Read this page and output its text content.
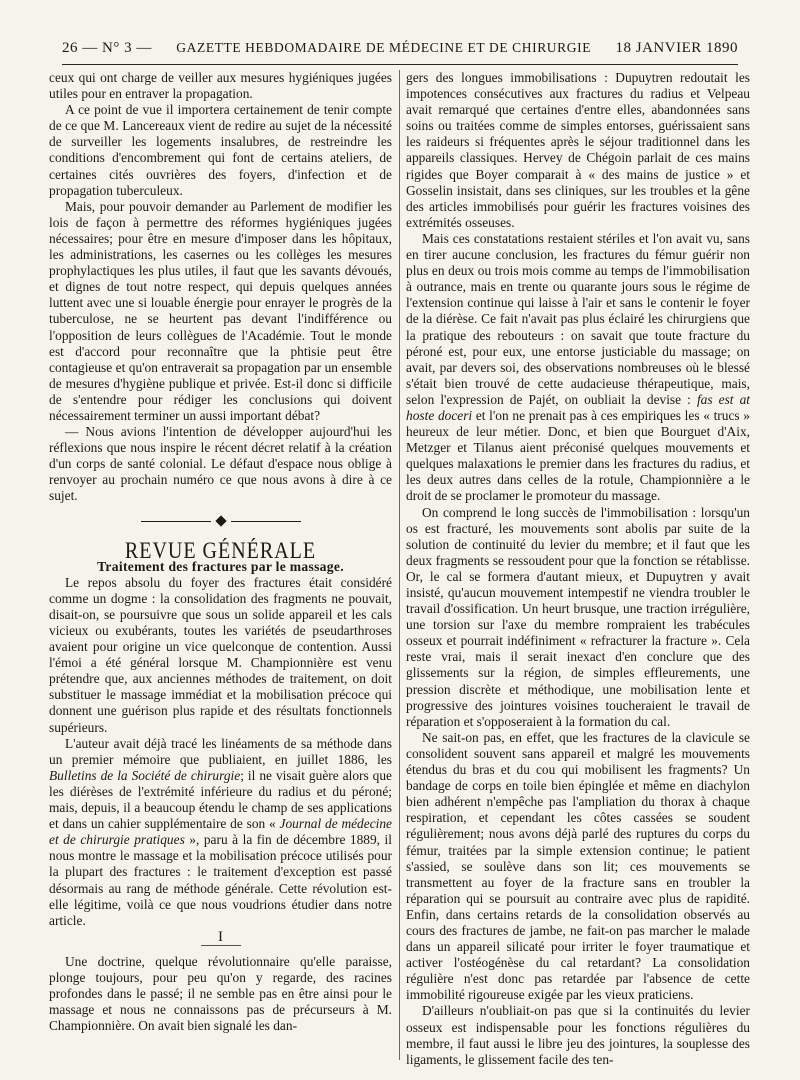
26 — N° 3 — GAZETTE HEBDOMADAIRE DE MÉDECINE ET DE CHIRURGIE 18 JANVIER 1890

ceux qui ont charge de veiller aux mesures hygiéniques jugées utiles pour en entraver la propagation.

A ce point de vue il importera certainement de tenir compte de ce que M. Lancereaux vient de redire au sujet de la nécessité de surveiller les logements insalubres, de restreindre les conditions d'encombrement qui font de certains ateliers, de certaines cités ouvrières des foyers, d'infection et de propagation tuberculeux.

Mais, pour pouvoir demander au Parlement de modifier les lois de façon à permettre des réformes hygiéniques jugées nécessaires; pour être en mesure d'imposer dans les hôpitaux, les administrations, les casernes ou les collèges les mesures prophylactiques les plus utiles, il faut que les savants dévoués, et dignes de tout notre respect, qui depuis quelques années luttent avec une si louable énergie pour enrayer le progrès de la tuberculose, ne se heurtent pas devant l'indifférence ou l'opposition de leurs collègues de l'Académie. Tout le monde est d'accord pour reconnaître que la phtisie peut être contagieuse et qu'on entraverait sa propagation par un ensemble de mesures d'hygiène publique et privée. Est-il donc si difficile de s'entendre pour rédiger les conclusions qui doivent nécessairement terminer un aussi important débat?

— Nous avions l'intention de développer aujourd'hui les réflexions que nous inspire le récent décret relatif à la création d'un corps de santé colonial. Le défaut d'espace nous oblige à renvoyer au prochain numéro ce que nous avons à dire à ce sujet.

REVUE GÉNÉRALE

Traitement des fractures par le massage.

Le repos absolu du foyer des fractures était considéré comme un dogme : la consolidation des fragments ne pouvait, disait-on, se poursuivre que sous un solide appareil et les cals vicieux ou exubérants, toutes les variétés de pseudarthroses avaient pour origine un vice quelconque de contention. Aussi l'émoi a été général lorsque M. Championnière est venu prétendre que, aux anciennes méthodes de traitement, on doit substituer le massage immédiat et la mobilisation précoce qui donnent une guérison plus rapide et des résultats fonctionnels supérieurs.

L'auteur avait déjà tracé les linéaments de sa méthode dans un premier mémoire que publiaient, en juillet 1886, les Bulletins de la Société de chirurgie; il ne visait guère alors que les diérèses de l'extrémité inférieure du radius et du péroné; mais, depuis, il a beaucoup étendu le champ de ses applications et dans un cahier supplémentaire de son « Journal de médecine et de chirurgie pratiques », paru à la fin de décembre 1889, il nous montre le massage et la mobilisation précoce utilisés pour la plupart des fractures : le traitement d'exception est passé désormais au rang de méthode générale. Cette révolution est-elle légitime, voilà ce que nous voudrions étudier dans notre article.

I

Une doctrine, quelque révolutionnaire qu'elle paraisse, plonge toujours, pour peu qu'on y regarde, des racines profondes dans le passé; il ne semble pas en être ainsi pour le massage et nous ne connaissons pas de précurseurs à M. Championnière. On avait bien signalé les dan-

gers des longues immobilisations : Dupuytren redoutait les impotences consécutives aux fractures du radius et Velpeau avait remarqué que certaines d'entre elles, abandonnées sans soins ou traitées comme de simples entorses, guérissaient sans les raideurs si fréquentes après le séjour traditionnel dans les appareils classiques. Hervey de Chégoin parlait de ces mains rigides que Boyer comparait à « des mains de justice » et Gosselin insistait, dans ses cliniques, sur les troubles et la gêne des articles immobilisés pour guérir les fractures voisines des extrémités osseuses.

Mais ces constatations restaient stériles et l'on avait vu, sans en tirer aucune conclusion, les fractures du fémur guérir non plus en deux ou trois mois comme au temps de l'immobilisation à outrance, mais en trente ou quarante jours sous le régime de l'extension continue qui laisse à l'air et sans le contenir le foyer de la diérèse. Ce fait n'avait pas plus éclairé les chirurgiens que la pratique des rebouteurs : on savait que toute fracture du péroné est, pour eux, une entorse justiciable du massage; on avait, par devers soi, des observations nombreuses où le blessé s'était bien trouvé de cette audacieuse thérapeutique, mais, selon l'expression de Pajét, on oubliait la devise : fas est at hoste doceri et l'on ne prenait pas à ces empiriques les « trucs » heureux de leur métier. Donc, et bien que Bourguet d'Aix, Metzger et Tilanus aient préconisé quelques mouvements et quelques malaxations le premier dans les fractures du radius, et les deux autres dans celles de la rotule, Championnière a le droit de se proclamer le promoteur du massage.

On comprend le long succès de l'immobilisation : lorsqu'un os est fracturé, les mouvements sont abolis par suite de la solution de continuité du levier du membre; et il faut que les deux fragments se ressoudent pour que la fonction se rétablisse. Or, le cal se formera d'autant mieux, et Dupuytren y avait insisté, qu'aucun mouvement intempestif ne viendra troubler le travail d'ossification. Un heurt brusque, une traction irrégulière, une torsion sur l'axe du membre rompraient les trabécules osseux et pourrait indéfiniment « refracturer la fracture ». Cela reste vrai, mais il serait inexact d'en conclure que des glissements sur la région, de simples effleurements, une pression discrète et méthodique, une mobilisation lente et progressive des jointures voisines toucheraient le travail de réparation et s'opposeraient à la formation du cal.

Ne sait-on pas, en effet, que les fractures de la clavicule se consolident souvent sans appareil et malgré les mouvements étendus du bras et du cou qui mobilisent les fragments? Un bandage de corps en toile bien épinglée et même en diachylon bien adhérent n'empêche pas l'ampliation du thorax à chaque respiration, et cependant les côtes cassées se soudent régulièrement; nous avons déjà parlé des ruptures du corps du fémur, traitées par la simple extension continue; le patient s'assied, se soulève dans son lit; ces mouvements se transmettent au foyer de la fracture sans en troubler la réparation qui se poursuit au contraire avec plus de rapidité. Enfin, dans certains retards de la consolidation observés au cours des fractures de jambe, ne fait-on pas marcher le malade dans un appareil silicaté pour irriter le foyer traumatique et activer l'ostéogénèse du cal retardant? La consolidation régulière n'est donc pas retardée par l'absence de cette immobilité rigoureuse exigée par les vieux praticiens.

D'ailleurs n'oubliait-on pas que si la continuités du levier osseux est indispensable pour les fonctions régulières du membre, il faut aussi le libre jeu des jointures, la souplesse des ligaments, le glissement facile des ten-
